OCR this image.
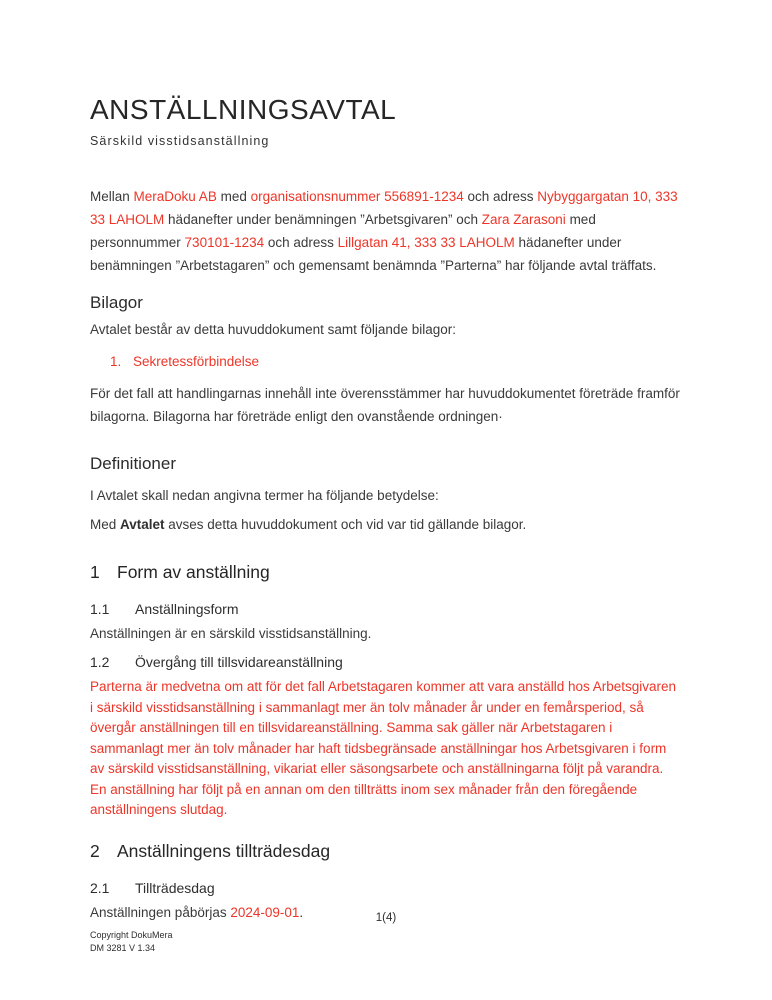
ANSTÄLLNINGSAVTAL

Särskild visstidsanställning

Mellan MeraDoku AB med organisationsnummer 556891-1234 och adress Nybyggargatan 10, 333 33 LAHOLM hädanefter under benämningen ”Arbetsgivaren” och Zara Zarasoni med personnummer 730101-1234 och adress Lillgatan 41, 333 33 LAHOLM hädanefter under benämningen ”Arbetstagaren” och gemensamt benämnda ”Parterna” har följande avtal träffats.

Bilagor

Avtalet består av detta huvuddokument samt följande bilagor:

1. Sekretessförbindelse

För det fall att handlingarnas innehåll inte överensstämmer har huvuddokumentet företräde framför bilagorna. Bilagorna har företräde enligt den ovanstående ordningen·

Definitioner

I Avtalet skall nedan angivna termer ha följande betydelse:

Med Avtalet avses detta huvuddokument och vid var tid gällande bilagor.

1 Form av anställning
1.1 Anställningsform

Anställningen är en särskild visstidsanställning.

1.2 Övergång till tillsvidareanställning

Parterna är medvetna om att för det fall Arbetstagaren kommer att vara anställd hos Arbetsgivaren i särskild visstidsanställning i sammanlagt mer än tolv månader år under en femårsperiod, så övergår anställningen till en tillsvidareanställning. Samma sak gäller när Arbetstagaren i sammanlagt mer än tolv månader har haft tidsbegränsade anställningar hos Arbetsgivaren i form av särskild visstidsanställning, vikariat eller säsongsarbete och anställningarna följt på varandra. En anställning har följt på en annan om den tillträtts inom sex månader från den föregående anställningens slutdag.

2 Anställningens tillträdesdag
2.1 Tillträdesdag

Anställningen påbörjas 2024-09-01.	1(4)
Copyright DokuMera
DM 3281 V 1.34
